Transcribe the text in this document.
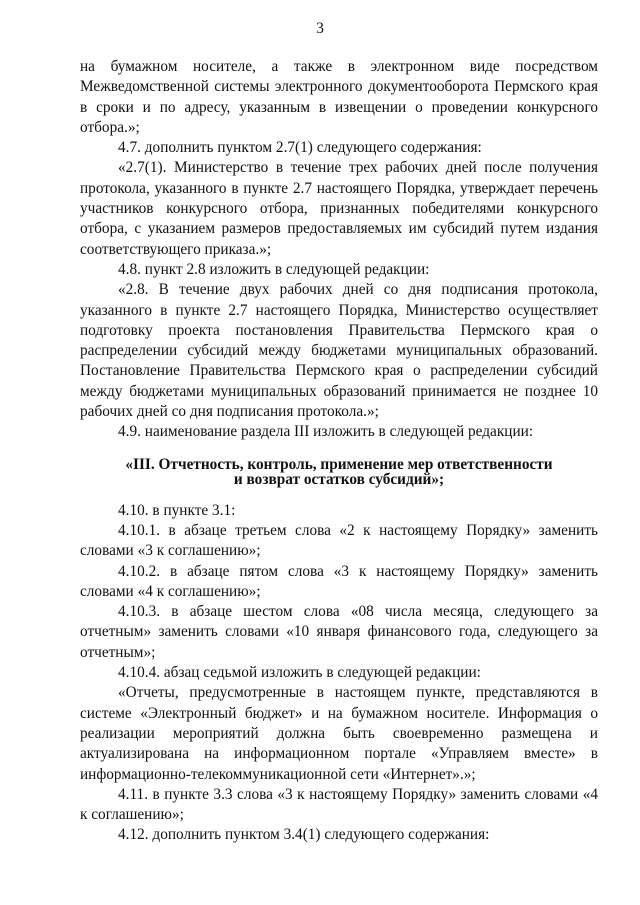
3

на бумажном носителе, а также в электронном виде посредством Межведомственной системы электронного документооборота Пермского края в сроки и по адресу, указанным в извещении о проведении конкурсного отбора.»;

4.7. дополнить пунктом 2.7(1) следующего содержания:

«2.7(1). Министерство в течение трех рабочих дней после получения протокола, указанного в пункте 2.7 настоящего Порядка, утверждает перечень участников конкурсного отбора, признанных победителями конкурсного отбора, с указанием размеров предоставляемых им субсидий путем издания соответствующего приказа.»;

4.8. пункт 2.8 изложить в следующей редакции:

«2.8. В течение двух рабочих дней со дня подписания протокола, указанного в пункте 2.7 настоящего Порядка, Министерство осуществляет подготовку проекта постановления Правительства Пермского края о распределении субсидий между бюджетами муниципальных образований. Постановление Правительства Пермского края о распределении субсидий между бюджетами муниципальных образований принимается не позднее 10 рабочих дней со дня подписания протокола.»;

4.9. наименование раздела III изложить в следующей редакции:

«III. Отчетность, контроль, применение мер ответственности
и возврат остатков субсидий»;

4.10. в пункте 3.1:

4.10.1. в абзаце третьем слова «2 к настоящему Порядку» заменить словами «3 к соглашению»;

4.10.2. в абзаце пятом слова «3 к настоящему Порядку» заменить словами «4 к соглашению»;

4.10.3. в абзаце шестом слова «08 числа месяца, следующего за отчетным» заменить словами «10 января финансового года, следующего за отчетным»;

4.10.4. абзац седьмой изложить в следующей редакции:

«Отчеты, предусмотренные в настоящем пункте, представляются в системе «Электронный бюджет» и на бумажном носителе. Информация о реализации мероприятий должна быть своевременно размещена и актуализирована на информационном портале «Управляем вместе» в информационно-телекоммуникационной сети «Интернет».»;

4.11. в пункте 3.3 слова «3 к настоящему Порядку» заменить словами «4 к соглашению»;

4.12. дополнить пунктом 3.4(1) следующего содержания:
